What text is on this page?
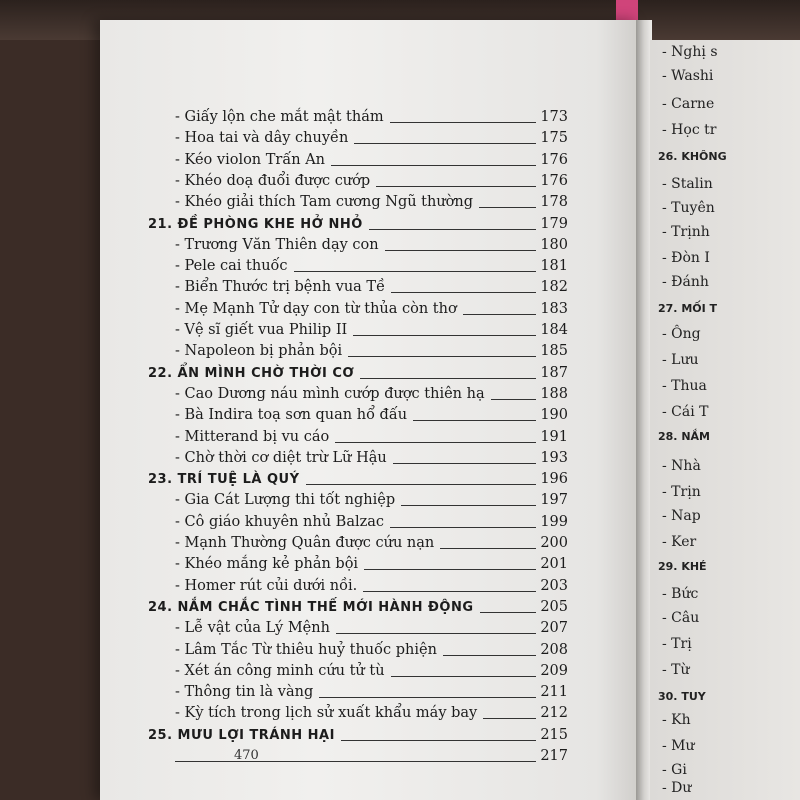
- Giấy lộn che mắt mật thám	173
- Hoa tai và dây chuyền	175
- Kéo violon Trấn An	176
- Khéo doạ đuổi được cướp	176
- Khéo giải thích Tam cương Ngũ thường	178
21. ĐỀ PHÒNG KHE HỞ NHỎ	179
- Trương Văn Thiên dạy con	180
- Pele cai thuốc	181
- Biển Thước trị bệnh vua Tề	182
- Mẹ Mạnh Tử dạy con từ thủa còn thơ	183
- Vệ sĩ giết vua Philip II	184
- Napoleon bị phản bội	185
22. ẨN MÌNH CHỜ THỜI CƠ	187
- Cao Dương náu mình cướp được thiên hạ	188
- Bà Indira toạ sơn quan hổ đấu	190
- Mitterand bị vu cáo	191
- Chờ thời cơ diệt trừ Lữ Hậu	193
23. TRÍ TUỆ LÀ QUÝ	196
- Gia Cát Lượng thi tốt nghiệp	197
- Cô giáo khuyên nhủ Balzac	199
- Mạnh Thường Quân được cứu nạn	200
- Khéo mắng kẻ phản bội	201
- Homer rút củi dưới nồi.	203
24. NẮM CHẮC TÌNH THẾ MỚI HÀNH ĐỘNG	205
- Lễ vật của Lý Mệnh	207
- Lâm Tắc Từ thiêu huỷ thuốc phiện	208
- Xét án công minh cứu tử tù	209
- Thông tin là vàng	211
- Kỳ tích trong lịch sử xuất khẩu máy bay	212
25. MƯU LỢI TRÁNH HẠI	215
217
470
- Nghị s
- Washi
- Carne
- Học tr
26. KHÔNG
- Stalin
- Tuyên
- Trịnh
- Đòn I
- Đánh
27. MỐI T
- Ông
- Lưu
- Thua
- Cái T
28. NẮM
- Nhà
- Trịn
- Nap
- Ker
29. KHÉ
- Bức
- Câu
- Trị
- Từ
30. TUY
- Kh
- Mư
- Gi
- Dư
